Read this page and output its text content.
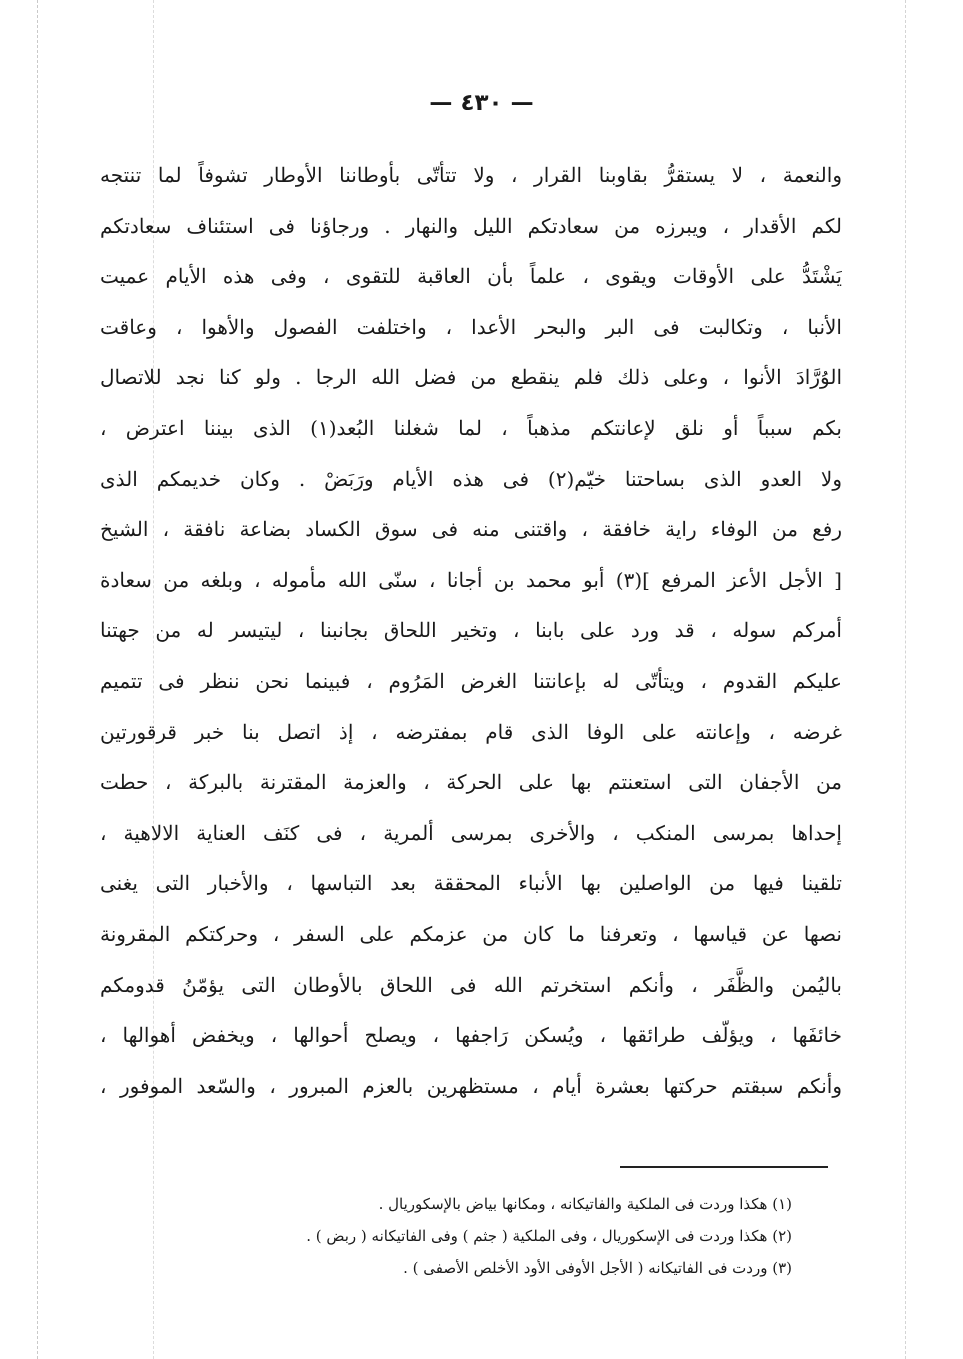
— ٤٣٠ —
والنعمة ، لا يستقرُّ بقاوبنا القرار ، ولا تتأتّى بأوطاننا الأوطار تشوفاً لما تنتجه
لكم الأقدار ، ويبرزه من سعادتكم الليل والنهار . ورجاؤنا فى استئناف سعادتكم
يَشْتَدُّ على الأوقات ويقوى ، علماً بأن العاقبة للتقوى ، وفى هذه الأيام عميت
الأنبا ، وتكالبت فى البر والبحر الأعدا ، واختلفت الفصول والأهوا ، وعاقت
الوُرَّادَ الأنوا ، وعلى ذلك فلم ينقطع من فضل الله الرجا . ولو كنا نجد للاتصال
بكم سبباً أو نلق لإعانتكم مذهباً ، لما شغلنا البُعد(١) الذى بيننا اعترض ،
ولا العدو الذى بساحتنا خيّم(٢) فى هذه الأيام ورَبَضْ . وكان خديمكم الذى
رفع من الوفاء راية خافقة ، واقتنى منه فى سوق الكساد بضاعة نافقة ، الشيخ
[ الأجل الأعز المرفع ](٣) أبو محمد بن أجانا ، سنّى الله مأموله ، وبلغه من سعادة
أمركم سوله ، قد ورد على بابنا ، وتخير اللحاق بجانبنا ، ليتيسر له من جهتنا
عليكم القدوم ، ويتأتّى له بإعانتنا الغرض المَرُوم ، فبينما نحن ننظر فى تتميم
غرضه ، وإعانته على الوفا الذى قام بمفترضه ، إذ اتصل بنا خبر قرقورتين
من الأجفان التى استعنتم بها على الحركة ، والعزمة المقترنة بالبركة ، حطت
إحداها بمرسى المنكب ، والأخرى بمرسى ألمرية ، فى كنَف العناية الالاهية ،
تلقينا فيها من الواصلين بها الأنباء المحققة بعد التباسها ، والأخبار التى يغنى
نصها عن قياسها ، وتعرفنا ما كان من عزمكم على السفر ، وحركتكم المقرونة
باليُمن والظَّفَر ، وأنكم استخرتم الله فى اللحاق بالأوطان التى يؤمّنُ قدومكم
خائفَها ، ويؤلّف طرائقها ، ويُسكن رَاجفها ، ويصلح أحوالها ، ويخفض أهوالها ،
وأنكم سبقتم حركتها بعشرة أيام ، مستظهرين بالعزم المبرور ، والسّعد الموفور ،
(١) هكذا وردت فى الملكية والفاتيكانه ، ومكانها بياض بالإسكوريال .
(٢) هكذا وردت فى الإسكوريال ، وفى الملكية ( جثم ) وفى الفاتيكانه ( ربض ) .
(٣) وردت فى الفاتيكانه ( الأجل الأوفى الأود الأخلص الأصفى ) .
